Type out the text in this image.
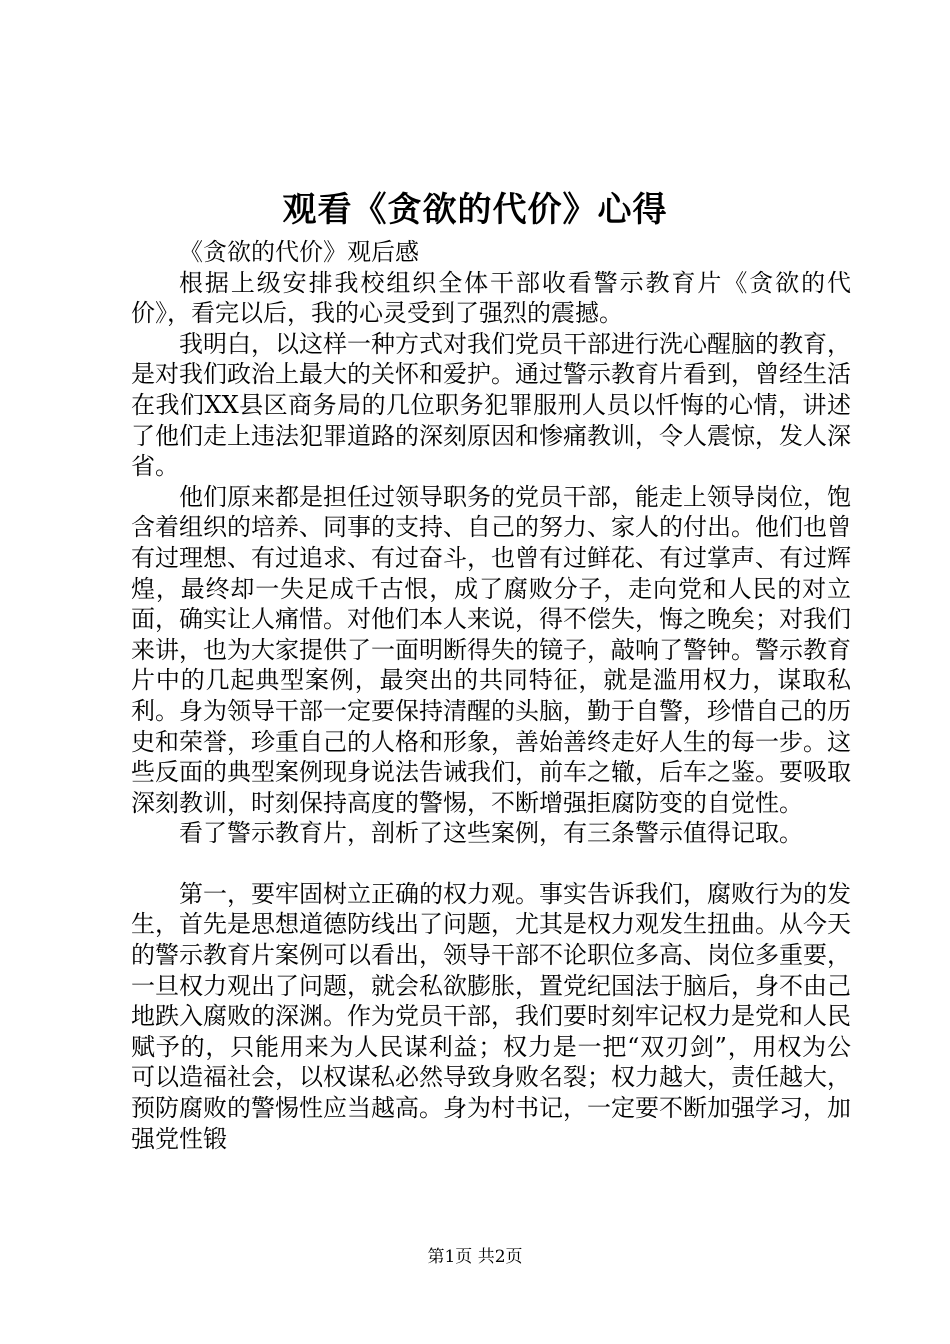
观看《贪欲的代价》心得

《贪欲的代价》观后感

根据上级安排我校组织全体干部收看警示教育片《贪欲的代价》，看完以后，我的心灵受到了强烈的震撼。

我明白，以这样一种方式对我们党员干部进行洗心醒脑的教育，是对我们政治上最大的关怀和爱护。通过警示教育片看到，曾经生活在我们XX县区商务局的几位职务犯罪服刑人员以忏悔的心情，讲述了他们走上违法犯罪道路的深刻原因和惨痛教训，令人震惊，发人深省。

他们原来都是担任过领导职务的党员干部，能走上领导岗位，饱含着组织的培养、同事的支持、自己的努力、家人的付出。他们也曾有过理想、有过追求、有过奋斗，也曾有过鲜花、有过掌声、有过辉煌，最终却一失足成千古恨，成了腐败分子，走向党和人民的对立面，确实让人痛惜。对他们本人来说，得不偿失，悔之晚矣；对我们来讲，也为大家提供了一面明断得失的镜子，敲响了警钟。警示教育片中的几起典型案例，最突出的共同特征，就是滥用权力，谋取私利。身为领导干部一定要保持清醒的头脑，勤于自警，珍惜自己的历史和荣誉，珍重自己的人格和形象，善始善终走好人生的每一步。这些反面的典型案例现身说法告诫我们，前车之辙，后车之鉴。要吸取深刻教训，时刻保持高度的警惕，不断增强拒腐防变的自觉性。

看了警示教育片，剖析了这些案例，有三条警示值得记取。

第一，要牢固树立正确的权力观。事实告诉我们，腐败行为的发生，首先是思想道德防线出了问题，尤其是权力观发生扭曲。从今天的警示教育片案例可以看出，领导干部不论职位多高、岗位多重要，一旦权力观出了问题，就会私欲膨胀，置党纪国法于脑后，身不由己地跌入腐败的深渊。作为党员干部，我们要时刻牢记权力是党和人民赋予的，只能用来为人民谋利益；权力是一把“双刃剑”，用权为公可以造福社会，以权谋私必然导致身败名裂；权力越大，责任越大，预防腐败的警惕性应当越高。身为村书记，一定要不断加强学习，加强党性锻

第1页 共2页
